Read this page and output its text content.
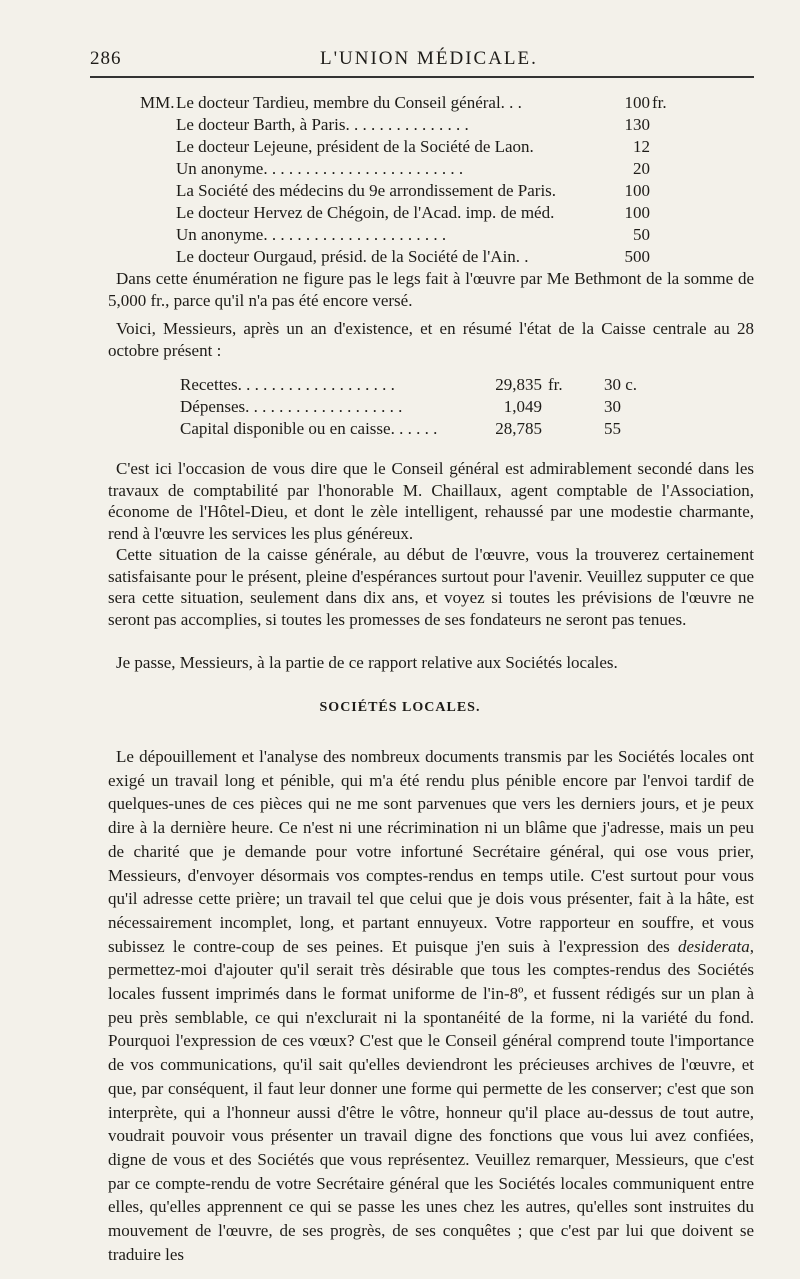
286	L'UNION MÉDICALE.
MM. Le docteur Tardieu, membre du Conseil général. . .	100 fr.
Le docteur Barth, à Paris. . . . . . . . . . . . . . .	130
Le docteur Lejeune, président de la Société de Laon.	12
Un anonyme. . . . . . . . . . . . . . . . . . . . . . . .	20
La Société des médecins du 9e arrondissement de Paris.	100
Le docteur Hervez de Chégoin, de l'Acad. imp. de méd.	100
Un anonyme. . . . . . . . . . . . . . . . . . . . . .	50
Le docteur Ourgaud, présid. de la Société de l'Ain. .	500

Dans cette énumération ne figure pas le legs fait à l'œuvre par Me Bethmont de la somme de 5,000 fr., parce qu'il n'a pas été encore versé.

Voici, Messieurs, après un an d'existence, et en résumé l'état de la Caisse centrale au 28 octobre présent :

Recettes. . . . . . . . . . . . . . . . . . .	29,835 fr. 30 c.
Dépenses. . . . . . . . . . . . . . . . . . .	1,049	30
Capital disponible ou en caisse. . . . . .	28,785	55

C'est ici l'occasion de vous dire que le Conseil général est admirablement secondé dans les travaux de comptabilité par l'honorable M. Chaillaux, agent comptable de l'Association, économe de l'Hôtel-Dieu, et dont le zèle intelligent, rehaussé par une modestie charmante, rend à l'œuvre les services les plus généreux.

Cette situation de la caisse générale, au début de l'œuvre, vous la trouverez certainement satisfaisante pour le présent, pleine d'espérances surtout pour l'avenir. Veuillez supputer ce que sera cette situation, seulement dans dix ans, et voyez si toutes les prévisions de l'œuvre ne seront pas accomplies, si toutes les promesses de ses fondateurs ne seront pas tenues.

Je passe, Messieurs, à la partie de ce rapport relative aux Sociétés locales.

SOCIÉTÉS LOCALES.

Le dépouillement et l'analyse des nombreux documents transmis par les Sociétés locales ont exigé un travail long et pénible, qui m'a été rendu plus pénible encore par l'envoi tardif de quelques-unes de ces pièces qui ne me sont parvenues que vers les derniers jours, et je peux dire à la dernière heure. Ce n'est ni une récrimination ni un blâme que j'adresse, mais un peu de charité que je demande pour votre infortuné Secrétaire général, qui ose vous prier, Messieurs, d'envoyer désormais vos comptes-rendus en temps utile. C'est surtout pour vous qu'il adresse cette prière; un travail tel que celui que je dois vous présenter, fait à la hâte, est nécessairement incomplet, long, et partant ennuyeux. Votre rapporteur en souffre, et vous subissez le contre-coup de ses peines. Et puisque j'en suis à l'expression des desiderata, permettez-moi d'ajouter qu'il serait très désirable que tous les comptes-rendus des Sociétés locales fussent imprimés dans le format uniforme de l'in-8º, et fussent rédigés sur un plan à peu près semblable, ce qui n'exclurait ni la spontanéité de la forme, ni la variété du fond. Pourquoi l'expression de ces vœux? C'est que le Conseil général comprend toute l'importance de vos communications, qu'il sait qu'elles deviendront les précieuses archives de l'œuvre, et que, par conséquent, il faut leur donner une forme qui permette de les conserver; c'est que son interprète, qui a l'honneur aussi d'être le vôtre, honneur qu'il place au-dessus de tout autre, voudrait pouvoir vous présenter un travail digne des fonctions que vous lui avez confiées, digne de vous et des Sociétés que vous représentez. Veuillez remarquer, Messieurs, que c'est par ce compte-rendu de votre Secrétaire général que les Sociétés locales communiquent entre elles, qu'elles apprennent ce qui se passe les unes chez les autres, qu'elles sont instruites du mouvement de l'œuvre, de ses progrès, de ses conquêtes ; que c'est par lui que doivent se traduire les
